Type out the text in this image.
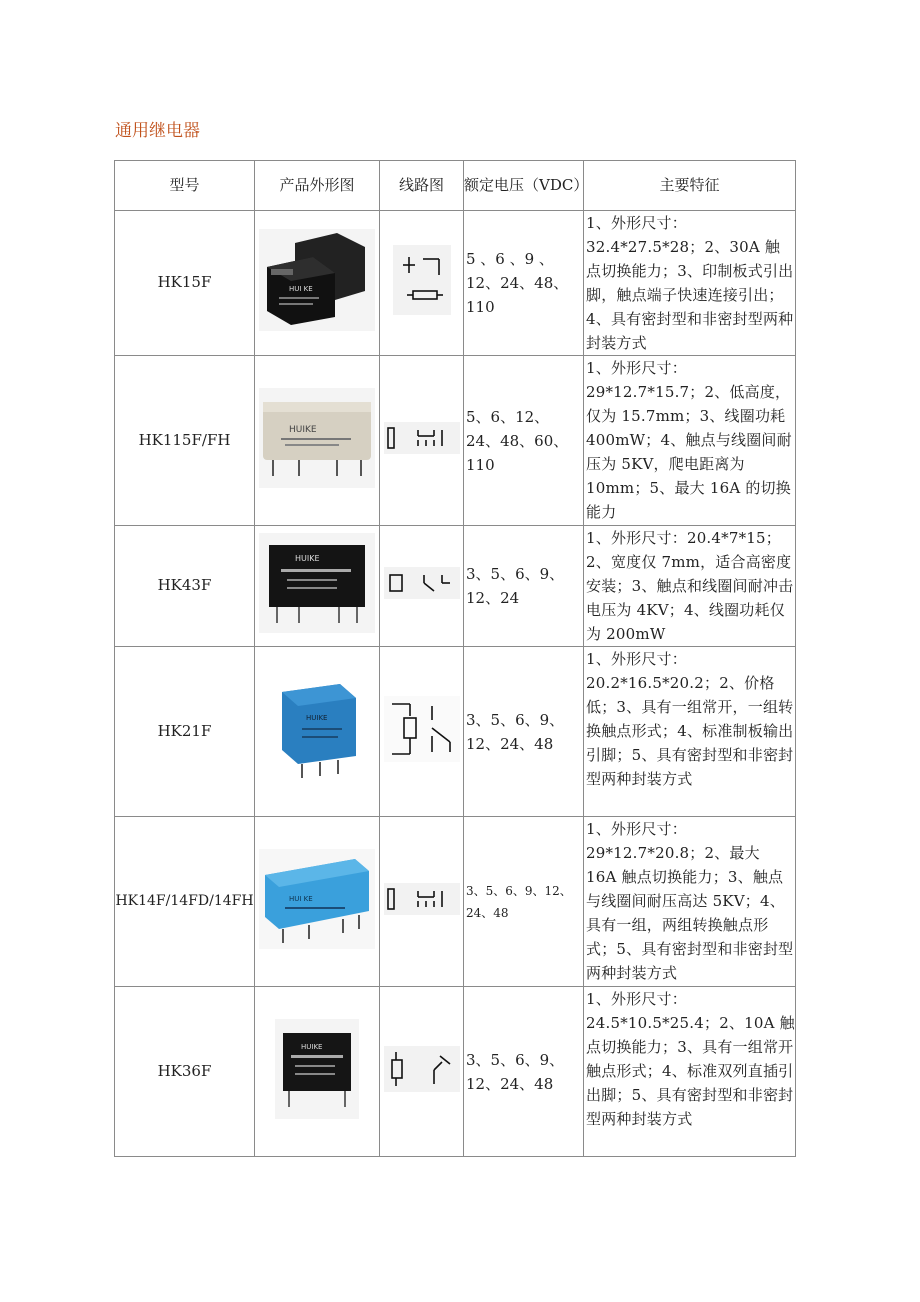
通用继电器
型号	产品外形图	线路图	额定电压（VDC）	主要特征
HK15F	HUI KE		5 、6 、9 、12、24、48、110	1、外形尺寸：32.4*27.5*28；2、30A 触点切换能力；3、印制板式引出脚，触点端子快速连接引出；4、具有密封型和非密封型两种封装方式
HK115F/FH	HUIKE		5、6、12、24、48、60、110	1、外形尺寸：29*12.7*15.7；2、低高度，仅为 15.7mm；3、线圈功耗 400mW；4、触点与线圈间耐压为 5KV，爬电距离为 10mm；5、最大 16A 的切换能力
HK43F	HUIKE		3、5、6、9、12、24	1、外形尺寸：20.4*7*15；2、宽度仅 7mm，适合高密度安装；3、触点和线圈间耐冲击电压为 4KV；4、线圈功耗仅为 200mW
HK21F	HUIKE		3、5、6、9、12、24、48	1、外形尺寸：20.2*16.5*20.2；2、价格低；3、具有一组常开，一组转换触点形式；4、标准制板输出引脚；5、具有密封型和非密封型两种封装方式
HK14F/14FD/14FH	HUI KE		3、5、6、9、12、24、48	1、外形尺寸：29*12.7*20.8；2、最大 16A 触点切换能力；3、触点与线圈间耐压高达 5KV；4、具有一组，两组转换触点形式；5、具有密封型和非密封型两种封装方式
HK36F	HUIKE		3、5、6、9、12、24、48	1、外形尺寸：24.5*10.5*25.4；2、10A 触点切换能力；3、具有一组常开触点形式；4、标准双列直插引出脚；5、具有密封型和非密封型两种封装方式
